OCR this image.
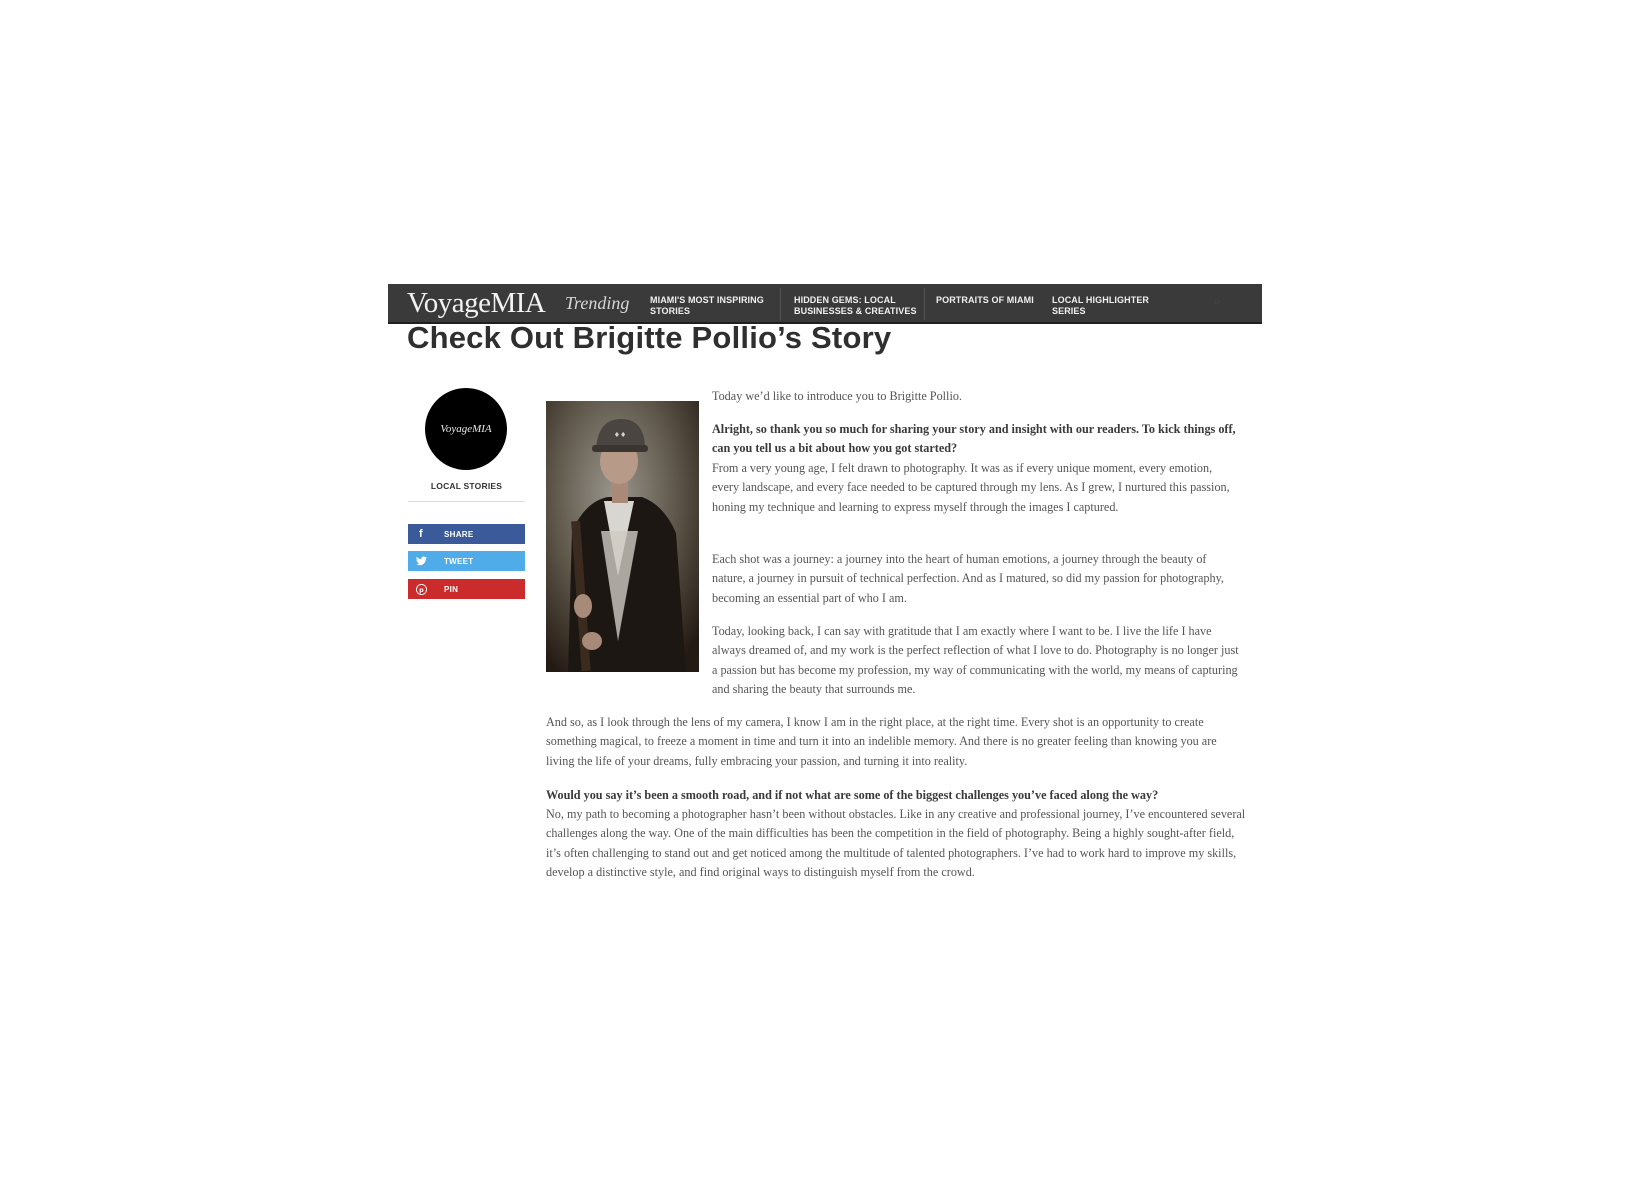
VoyageMIA Trending MIAMI'S MOST INSPIRING STORIES
HIDDEN GEMS: LOCAL BUSINESSES & CREATIVES
PORTRAITS OF MIAMI	LOCAL HIGHLIGHTER SERIES
⌕
Check Out Brigitte Pollio’s Story
VoyageMIA
LOCAL STORIES
f	SHARE
TWEET
p	PIN
♦♦

Today we’d like to introduce you to Brigitte Pollio.

Alright, so thank you so much for sharing your story and insight with our readers. To kick things off, can you tell us a bit about how you got started?

From a very young age, I felt drawn to photography. It was as if every unique moment, every emotion, every landscape, and every face needed to be captured through my lens. As I grew, I nurtured this passion, honing my technique and learning to express myself through the images I captured.

Each shot was a journey: a journey into the heart of human emotions, a journey through the beauty of nature, a journey in pursuit of technical perfection. And as I matured, so did my passion for photography, becoming an essential part of who I am.

Today, looking back, I can say with gratitude that I am exactly where I want to be. I live the life I have always dreamed of, and my work is the perfect reflection of what I love to do. Photography is no longer just a passion but has become my profession, my way of communicating with the world, my means of capturing and sharing the beauty that surrounds me.

And so, as I look through the lens of my camera, I know I am in the right place, at the right time. Every shot is an opportunity to create something magical, to freeze a moment in time and turn it into an indelible memory. And there is no greater feeling than knowing you are living the life of your dreams, fully embracing your passion, and turning it into reality.

Would you say it’s been a smooth road, and if not what are some of the biggest challenges you’ve faced along the way?

No, my path to becoming a photographer hasn’t been without obstacles. Like in any creative and professional journey, I’ve encountered several challenges along the way. One of the main difficulties has been the competition in the field of photography. Being a highly sought-after field, it’s often challenging to stand out and get noticed among the multitude of talented photographers. I’ve had to work hard to improve my skills, develop a distinctive style, and find original ways to distinguish myself from the crowd.
